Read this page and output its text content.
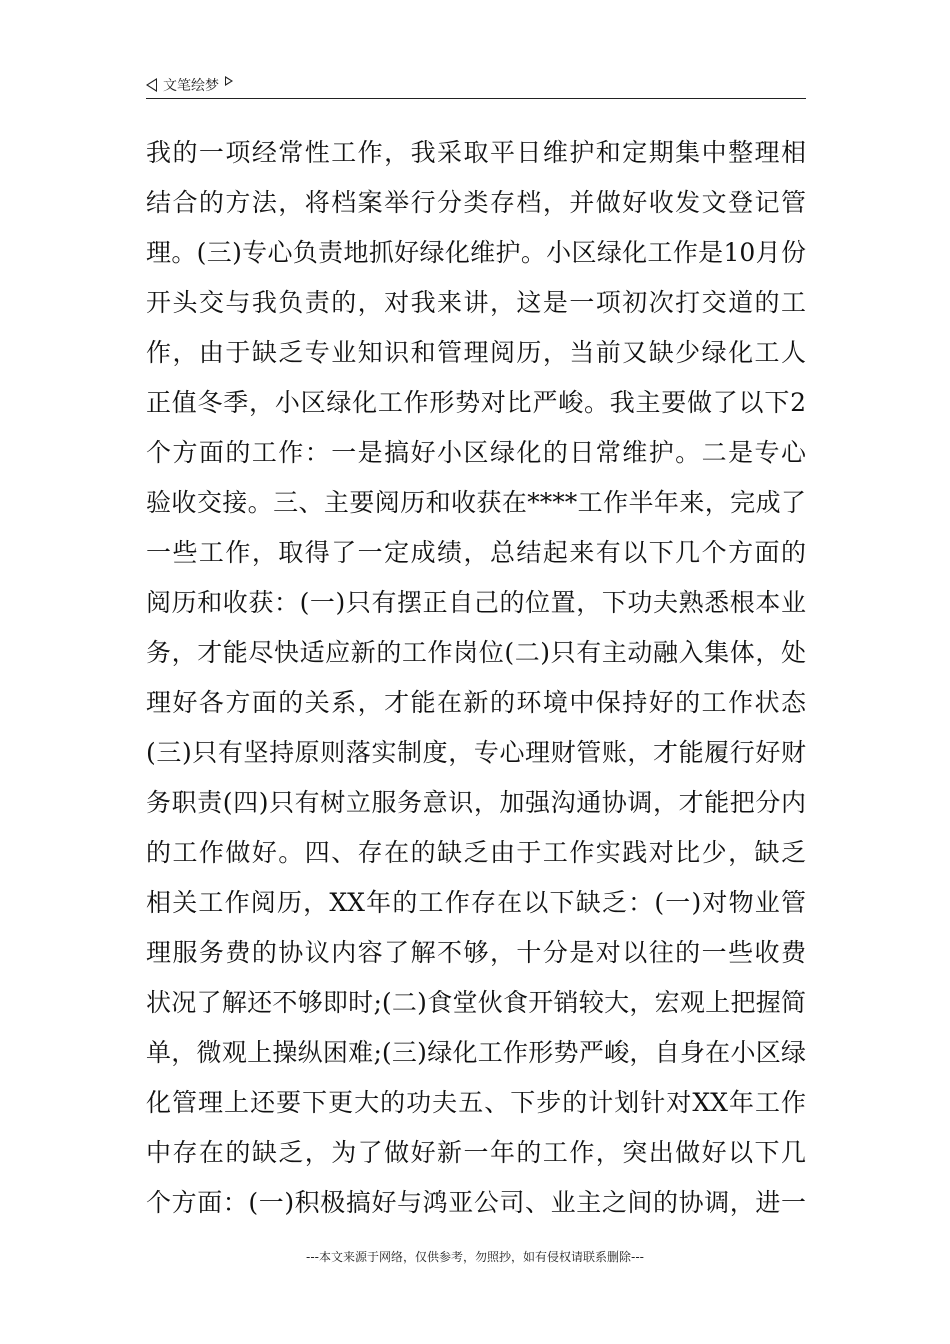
文笔绘梦
我的一项经常性工作，我采取平日维护和定期集中整理相
结合的方法，将档案举行分类存档，并做好收发文登记管
理。(三)专心负责地抓好绿化维护。小区绿化工作是10月份
开头交与我负责的，对我来讲，这是一项初次打交道的工
作，由于缺乏专业知识和管理阅历，当前又缺少绿化工人
正值冬季，小区绿化工作形势对比严峻。我主要做了以下2
个方面的工作：一是搞好小区绿化的日常维护。二是专心
验收交接。三、主要阅历和收获在****工作半年来，完成了
一些工作，取得了一定成绩，总结起来有以下几个方面的
阅历和收获：(一)只有摆正自己的位置，下功夫熟悉根本业
务，才能尽快适应新的工作岗位(二)只有主动融入集体，处
理好各方面的关系，才能在新的环境中保持好的工作状态
(三)只有坚持原则落实制度，专心理财管账，才能履行好财
务职责(四)只有树立服务意识，加强沟通协调，才能把分内
的工作做好。四、存在的缺乏由于工作实践对比少，缺乏
相关工作阅历，XX年的工作存在以下缺乏：(一)对物业管
理服务费的协议内容了解不够，十分是对以往的一些收费
状况了解还不够即时;(二)食堂伙食开销较大，宏观上把握简
单，微观上操纵困难;(三)绿化工作形势严峻，自身在小区绿
化管理上还要下更大的功夫五、下步的计划针对XX年工作
中存在的缺乏，为了做好新一年的工作，突出做好以下几
个方面：(一)积极搞好与鸿亚公司、业主之间的协调，进一
---本文来源于网络，仅供参考，勿照抄，如有侵权请联系删除---
